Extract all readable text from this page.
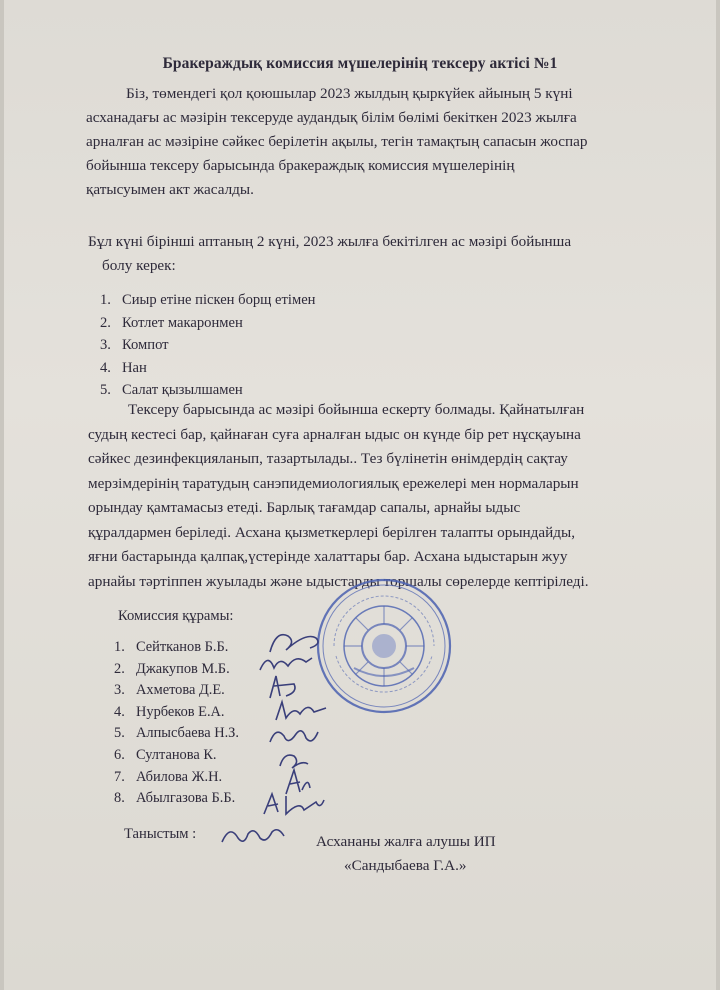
Бракераждық комиссия мүшелерінің тексеру актісі №1
Біз, төмендегі қол қоюшылар 2023 жылдың қыркүйек айының 5 күні
асханадағы ас мәзірін тексеруде аудандық білім бөлімі бекіткен 2023 жылға
арналған ас мәзіріне сәйкес берілетін ақылы, тегін тамақтың сапасын жоспар
бойынша тексеру барысында бракераждық комиссия мүшелерінің
қатысуымен акт жасалды.
Бұл күні бірінші аптаның 2 күні, 2023 жылға бекітілген ас мәзірі бойынша
болу керек:
1. Сиыр етіне піскен борщ етімен
2. Котлет макаронмен
3. Компот
4. Нан
5. Салат қызылшамен
Тексеру барысында ас мәзірі бойынша ескерту болмады. Қайнатылған
судың кестесі бар, қайнаған суға арналған ыдыс он күнде бір рет нұсқауына
сәйкес дезинфекцияланып, тазартылады.. Тез бүлінетін өнімдердің сақтау
мерзімдерінің таратудың санэпидемиологиялық ережелері мен нормаларын
орындау қамтамасыз етеді. Барлық тағамдар сапалы, арнайы ыдыс
құралдармен беріледі. Асхана қызметкерлері берілген талапты орындайды,
яғни бастарында қалпақ,үстерінде халаттары бар. Асхана ыдыстарын жуу
арнайы тәртіппен жуылады және ыдыстарды торшалы сөрелерде кептіріледі.
Комиссия құрамы:
1. Сейтканов Б.Б.
2. Джакупов М.Б.
3. Ахметова Д.Е.
4. Нурбеков Е.А.
5. Алпысбаева Н.З.
6. Султанова К.
7. Абилова Ж.Н.
8. Абылгазова Б.Б.
Таныстым :	Асхананы жалға алушы ИП
«Сандыбаева Г.А.»
